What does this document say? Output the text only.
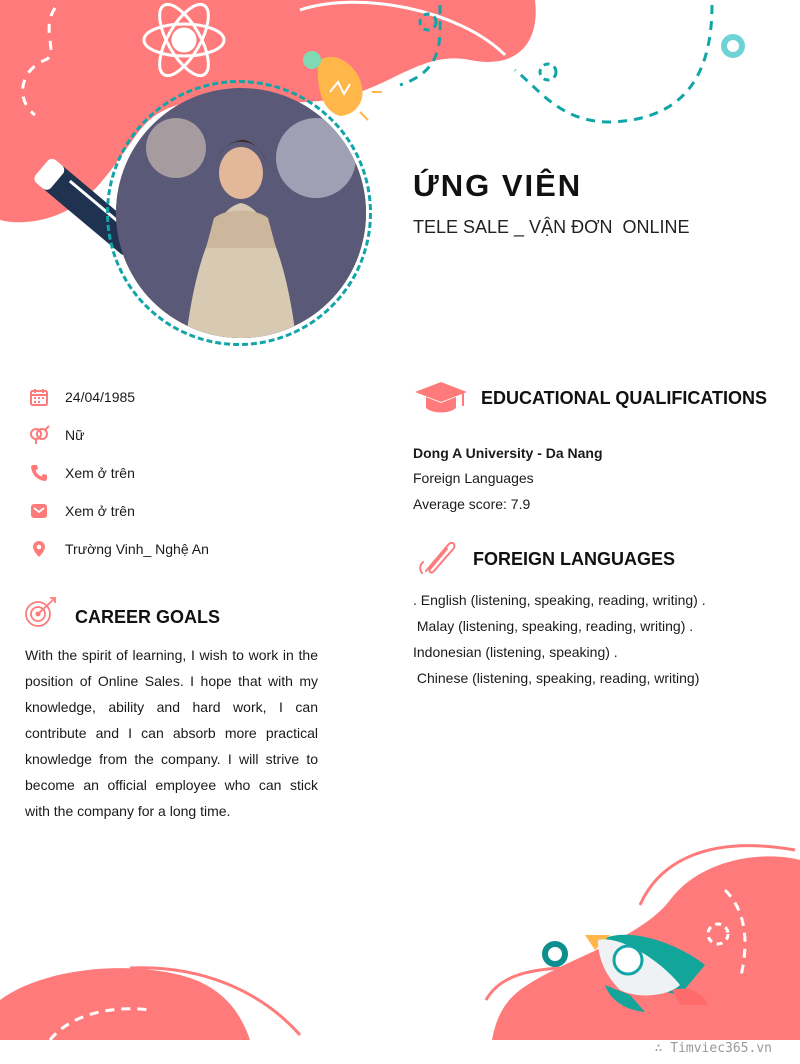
ỨNG VIÊN
TELE SALE _ VẬN ĐƠN  ONLINE
24/04/1985
Nữ
Xem ở trên
Xem ở trên
Trường Vinh_ Nghệ An
CAREER GOALS
With the spirit of learning, I wish to work in the position of Online Sales. I hope that with my knowledge, ability and hard work, I can contribute and I can absorb more practical knowledge from the company. I will strive to become an official employee who can stick with the company for a long time.
EDUCATIONAL QUALIFICATIONS
Dong A University - Da Nang
Foreign Languages
Average score: 7.9
FOREIGN LANGUAGES
. English (listening, speaking, reading, writing) .
Malay (listening, speaking, reading, writing) .
Indonesian (listening, speaking) .
Chinese (listening, speaking, reading, writing)
∴ Timviec365.vn
